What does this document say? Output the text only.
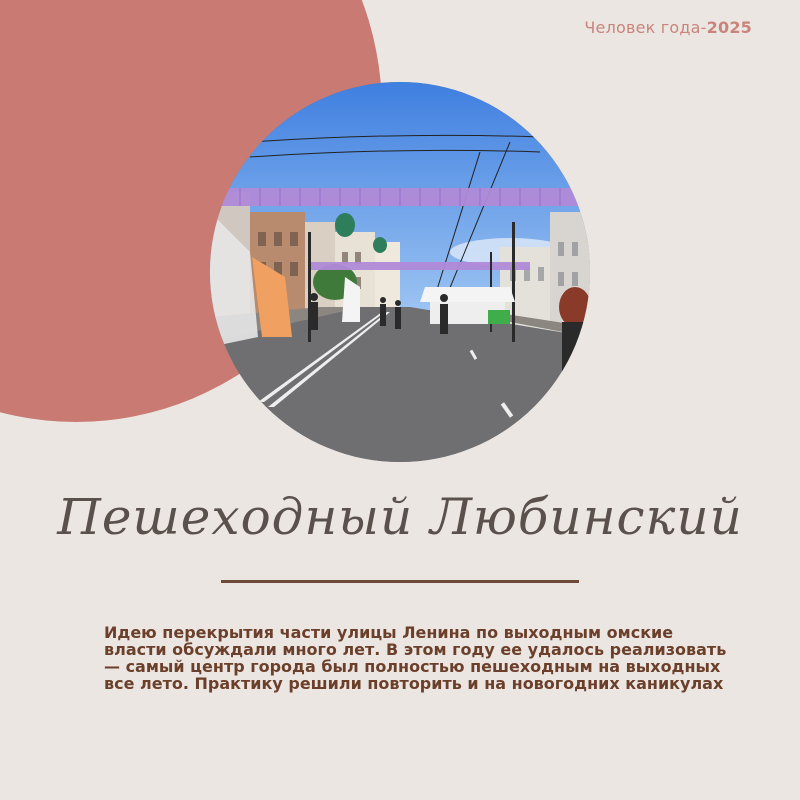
Человек года-2025
Пешеходный Любинский
Идею перекрытия части улицы Ленина по выходным омские
власти обсуждали много лет. В этом году ее удалось реализовать
— самый центр города был полностью пешеходным на выходных
все лето. Практику решили повторить и на новогодних каникулах
